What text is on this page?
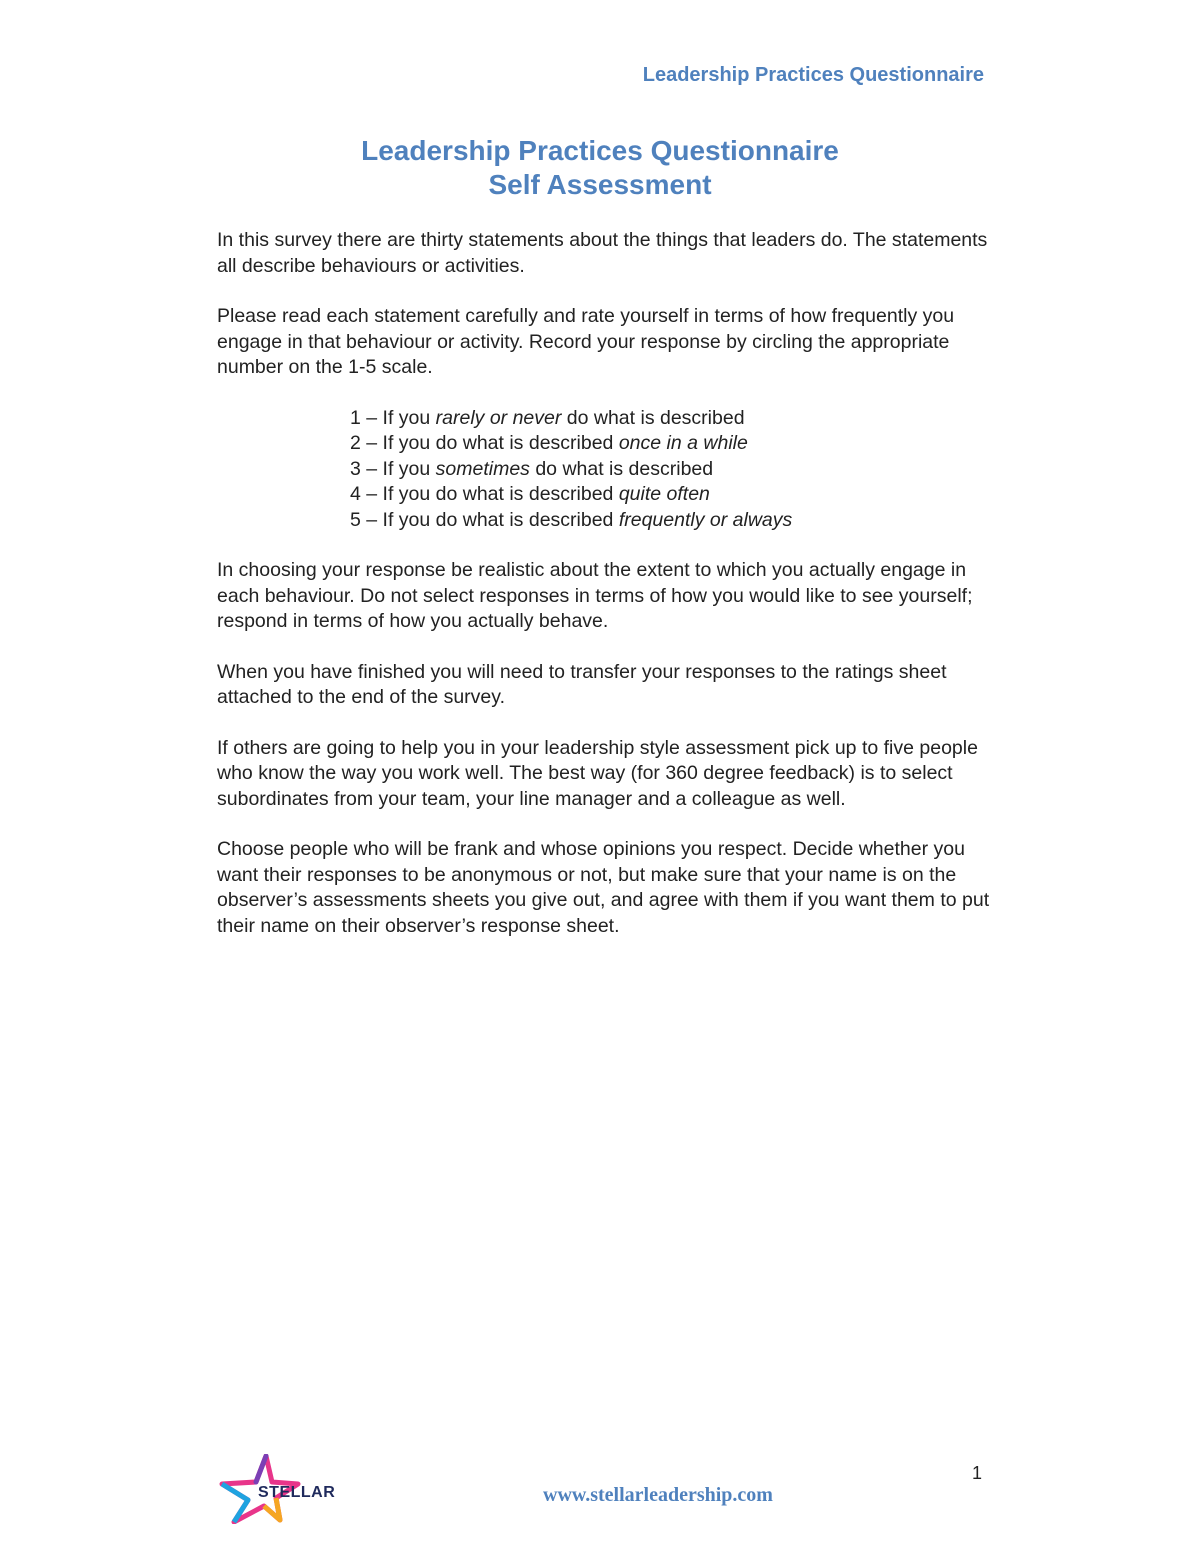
Leadership Practices Questionnaire
Leadership Practices Questionnaire
Self Assessment

In this survey there are thirty statements about the things that leaders do. The statements all describe behaviours or activities.

Please read each statement carefully and rate yourself in terms of how frequently you engage in that behaviour or activity. Record your response by circling the appropriate number on the 1-5 scale.

1 – If you rarely or never do what is described
2 – If you do what is described once in a while
3 – If you sometimes do what is described
4 – If you do what is described quite often
5 – If you do what is described frequently or always

In choosing your response be realistic about the extent to which you actually engage in each behaviour. Do not select responses in terms of how you would like to see yourself; respond in terms of how you actually behave.

When you have finished you will need to transfer your responses to the ratings sheet attached to the end of the survey.

If others are going to help you in your leadership style assessment pick up to five people who know the way you work well. The best way (for 360 degree feedback) is to select subordinates from your team, your line manager and a colleague as well.

Choose people who will be frank and whose opinions you respect. Decide whether you want their responses to be anonymous or not, but make sure that your name is on the observer’s assessments sheets you give out, and agree with them if you want them to put their name on their observer’s response sheet.

STELLAR	www.stellarleadership.com
1
